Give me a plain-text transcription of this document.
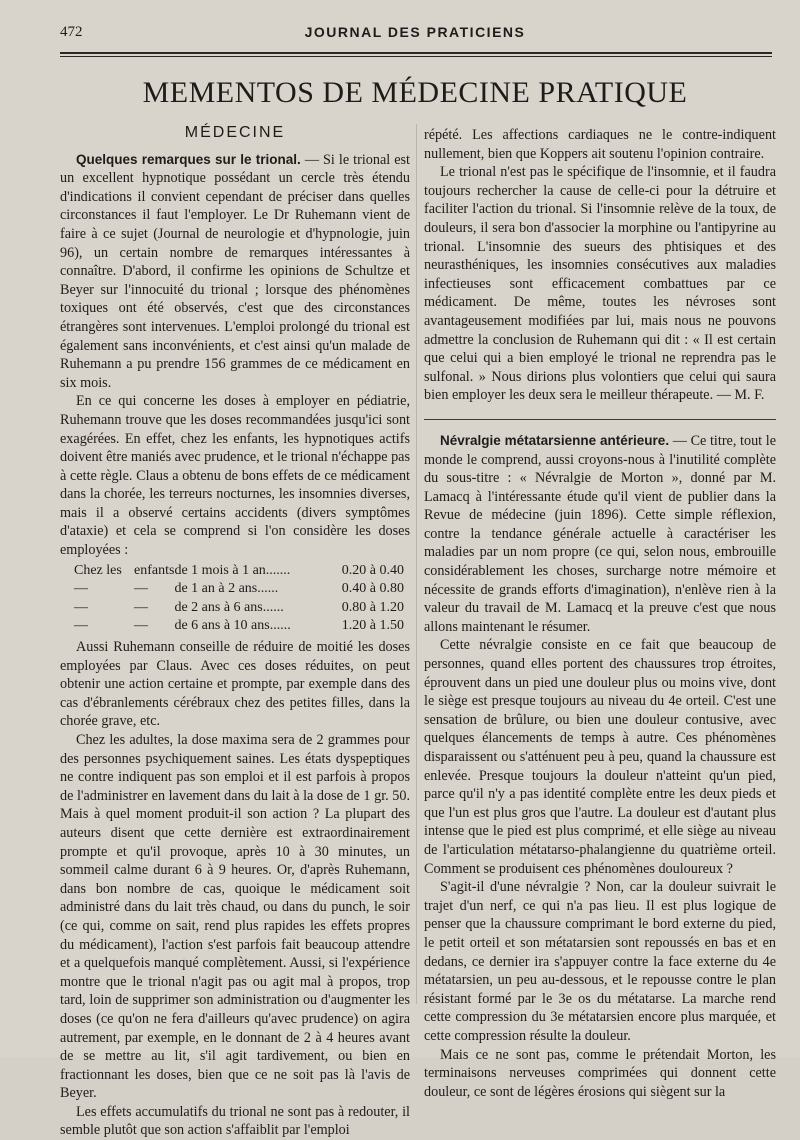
472	JOURNAL DES PRATICIENS
MEMENTOS DE MÉDECINE PRATIQUE
MÉDECINE

Quelques remarques sur le trional. — Si le trional est un excellent hypnotique possédant un cercle très étendu d'indications il convient cependant de préciser dans quelles circonstances il faut l'employer. Le Dr Ruhemann vient de faire à ce sujet (Journal de neurologie et d'hypnologie, juin 96), un certain nombre de remarques intéressantes à connaître. D'abord, il confirme les opinions de Schultze et Beyer sur l'innocuité du trional ; lorsque des phénomènes toxiques ont été observés, c'est que des circonstances étrangères sont intervenues. L'emploi prolongé du trional est également sans inconvénients, et c'est ainsi qu'un malade de Ruhemann a pu prendre 156 grammes de ce médicament en six mois.

En ce qui concerne les doses à employer en pédiatrie, Ruhemann trouve que les doses recommandées jusqu'ici sont exagérées. En effet, chez les enfants, les hypnotiques actifs doivent être maniés avec prudence, et le trional n'échappe pas à cette règle. Claus a obtenu de bons effets de ce médicament dans la chorée, les terreurs nocturnes, les insomnies diverses, mais il a observé certains accidents (divers symptômes d'ataxie) et cela se comprend si l'on considère les doses employées :

Chez les	enfants	de 1 mois à 1 an.......	0.20 à 0.40
—	—	de 1 an à 2 ans......	0.40 à 0.80
—	—	de 2 ans à 6 ans......	0.80 à 1.20
—	—	de 6 ans à 10 ans......	1.20 à 1.50

Aussi Ruhemann conseille de réduire de moitié les doses employées par Claus. Avec ces doses réduites, on peut obtenir une action certaine et prompte, par exemple dans des cas d'ébranlements cérébraux chez des petites filles, dans la chorée grave, etc.

Chez les adultes, la dose maxima sera de 2 grammes pour des personnes psychiquement saines. Les états dyspeptiques ne contre indiquent pas son emploi et il est parfois à propos de l'administrer en lavement dans du lait à la dose de 1 gr. 50. Mais à quel moment produit-il son action ? La plupart des auteurs disent que cette dernière est extraordinairement prompte et qu'il provoque, après 10 à 30 minutes, un sommeil calme durant 6 à 9 heures. Or, d'après Ruhemann, dans bon nombre de cas, quoique le médicament soit administré dans du lait très chaud, ou dans du punch, le soir (ce qui, comme on sait, rend plus rapides les effets propres du médicament), l'action s'est parfois fait beaucoup attendre et a quelquefois manqué complètement. Aussi, si l'expérience montre que le trional n'agit pas ou agit mal à propos, trop tard, loin de supprimer son administration ou d'augmenter les doses (ce qu'on ne fera d'ailleurs qu'avec prudence) on agira autrement, par exemple, en le donnant de 2 à 4 heures avant de se mettre au lit, s'il agit tardivement, ou bien en fractionnant les doses, bien que ce ne soit pas là l'avis de Beyer.

Les effets accumulatifs du trional ne sont pas à redouter, il semble plutôt que son action s'affaiblit par l'emploi

répété. Les affections cardiaques ne le contre-indiquent nullement, bien que Koppers ait soutenu l'opinion contraire.

Le trional n'est pas le spécifique de l'insomnie, et il faudra toujours rechercher la cause de celle-ci pour la détruire et faciliter l'action du trional. Si l'insomnie relève de la toux, de douleurs, il sera bon d'associer la morphine ou l'antipyrine au trional. L'insomnie des sueurs des phtisiques et des neurasthéniques, les insomnies consécutives aux maladies infectieuses sont efficacement combattues par ce médicament. De même, toutes les névroses sont avantageusement modifiées par lui, mais nous ne pouvons admettre la conclusion de Ruhemann qui dit : « Il est certain que celui qui a bien employé le trional ne reprendra pas le sulfonal. » Nous dirions plus volontiers que celui qui saura bien employer les deux sera le meilleur thérapeute. — M. F.

Névralgie métatarsienne antérieure. — Ce titre, tout le monde le comprend, aussi croyons-nous à l'inutilité complète du sous-titre : « Névralgie de Morton », donné par M. Lamacq à l'intéressante étude qu'il vient de publier dans la Revue de médecine (juin 1896). Cette simple réflexion, contre la tendance générale actuelle à caractériser les maladies par un nom propre (ce qui, selon nous, embrouille considérablement les choses, surcharge notre mémoire et nécessite de grands efforts d'imagination), n'enlève rien à la valeur du travail de M. Lamacq et la preuve c'est que nous allons maintenant le résumer.

Cette névralgie consiste en ce fait que beaucoup de personnes, quand elles portent des chaussures trop étroites, éprouvent dans un pied une douleur plus ou moins vive, dont le siège est presque toujours au niveau du 4e orteil. C'est une sensation de brûlure, ou bien une douleur contusive, avec quelques élancements de temps à autre. Ces phénomènes disparaissent ou s'atténuent peu à peu, quand la chaussure est enlevée. Presque toujours la douleur n'atteint qu'un pied, parce qu'il n'y a pas identité complète entre les deux pieds et que l'un est plus gros que l'autre. La douleur est d'autant plus intense que le pied est plus comprimé, et elle siège au niveau de l'articulation métatarso-phalangienne du quatrième orteil. Comment se produisent ces phénomènes douloureux ?

S'agit-il d'une névralgie ? Non, car la douleur suivrait le trajet d'un nerf, ce qui n'a pas lieu. Il est plus logique de penser que la chaussure comprimant le bord externe du pied, le petit orteil et son métatarsien sont repoussés en bas et en dedans, ce dernier ira s'appuyer contre la face externe du 4e métatarsien, un peu au-dessous, et le repousse contre le plan résistant formé par le 3e os du métatarse. La marche rend cette compression du 3e métatarsien encore plus marquée, et cette compression résulte la douleur.

Mais ce ne sont pas, comme le prétendait Morton, les terminaisons nerveuses comprimées qui donnent cette douleur, ce sont de légères érosions qui siègent sur la
